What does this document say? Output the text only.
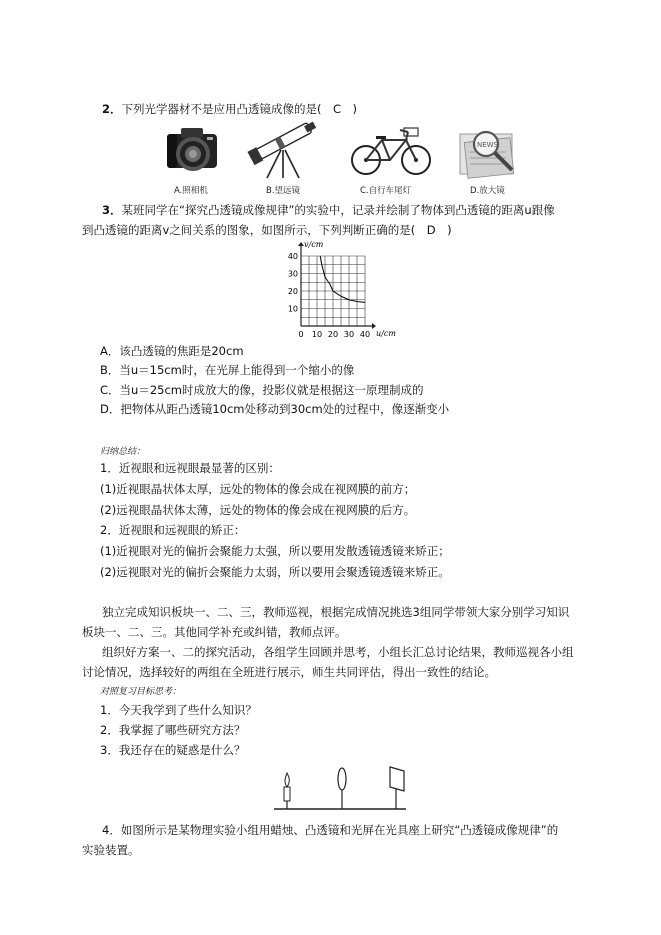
2．下列光学器材不是应用凸透镜成像的是(　C　)
A.照相机	B.望远镜	C.自行车尾灯
NEWS
D.放大镜
3．某班同学在“探究凸透镜成像规律”的实验中，记录并绘制了物体到凸透镜的距离u跟像
到凸透镜的距离v之间关系的图象，如图所示，下列判断正确的是(　D　)
0 10 20 30 40
10
20
30
40
v/cm
u/cm
A．该凸透镜的焦距是20cm
B．当u＝15cm时，在光屏上能得到一个缩小的像
C．当u＝25cm时成放大的像，投影仪就是根据这一原理制成的
D．把物体从距凸透镜10cm处移动到30cm处的过程中，像逐渐变小
归纳总结：
1．近视眼和远视眼最显著的区别：
(1)近视眼晶状体太厚，远处的物体的像会成在视网膜的前方；
(2)远视眼晶状体太薄，远处的物体的像会成在视网膜的后方。
2．近视眼和远视眼的矫正：
(1)近视眼对光的偏折会聚能力太强，所以要用发散透镜透镜来矫正；
(2)远视眼对光的偏折会聚能力太弱，所以要用会聚透镜透镜来矫正。
独立完成知识板块一、二、三，教师巡视，根据完成情况挑选3组同学带领大家分别学习知识
板块一、二、三。其他同学补充或纠错，教师点评。
组织好方案一、二的探究活动，各组学生回顾并思考，小组长汇总讨论结果，教师巡视各小组
讨论情况，选择较好的两组在全班进行展示，师生共同评估，得出一致性的结论。
对照复习目标思考：
1．今天我学到了些什么知识？
2．我掌握了哪些研究方法？
3．我还存在的疑惑是什么？
4．如图所示是某物理实验小组用蜡烛、凸透镜和光屏在光具座上研究“凸透镜成像规律”的
实验装置。
